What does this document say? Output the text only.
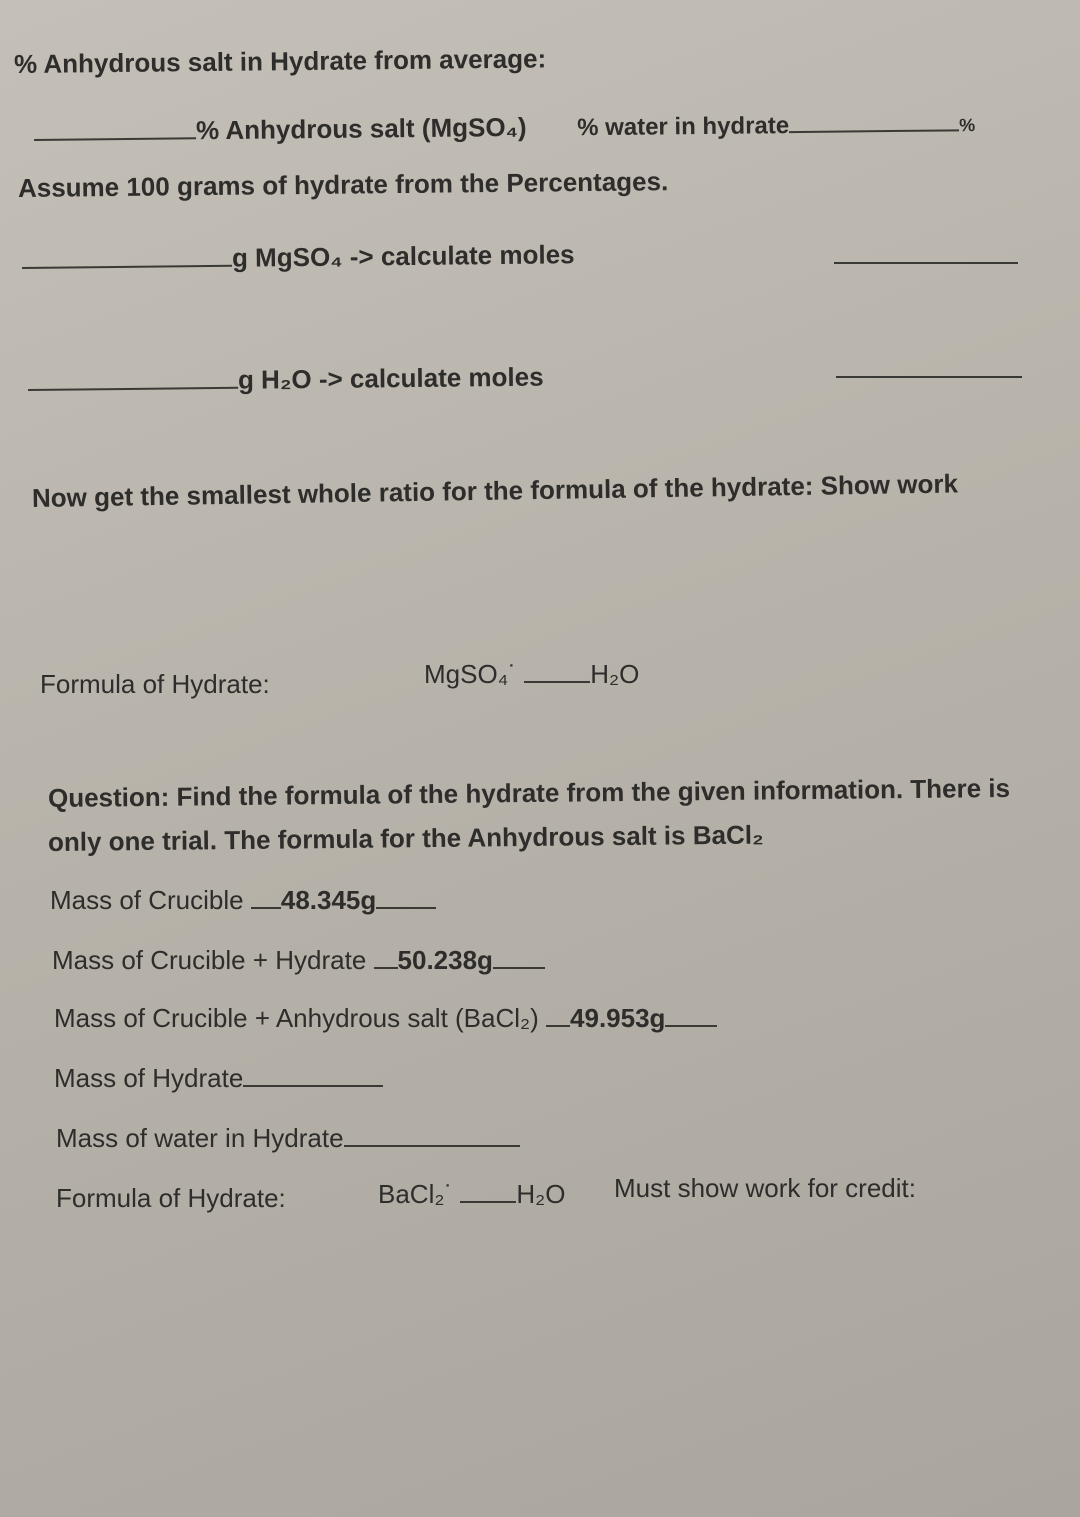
% Anhydrous salt in Hydrate from average:
% Anhydrous salt (MgSO₄) % water in hydrate	%
Assume 100 grams of hydrate from the Percentages.
g MgSO₄ -> calculate moles
g H₂O -> calculate moles
Now get the smallest whole ratio for the formula of the hydrate: Show work
Formula of Hydrate:	MgSO₄˙	H₂O
Question: Find the formula of the hydrate from the given information. There is
only one trial. The formula for the Anhydrous salt is BaCl₂
Mass of Crucible 48.345g
Mass of Crucible + Hydrate 50.238g
Mass of Crucible + Anhydrous salt (BaCl₂) 49.953g
Mass of Hydrate
Mass of water in Hydrate
Formula of Hydrate:	BaCl₂˙ H₂O Must show work for credit:
